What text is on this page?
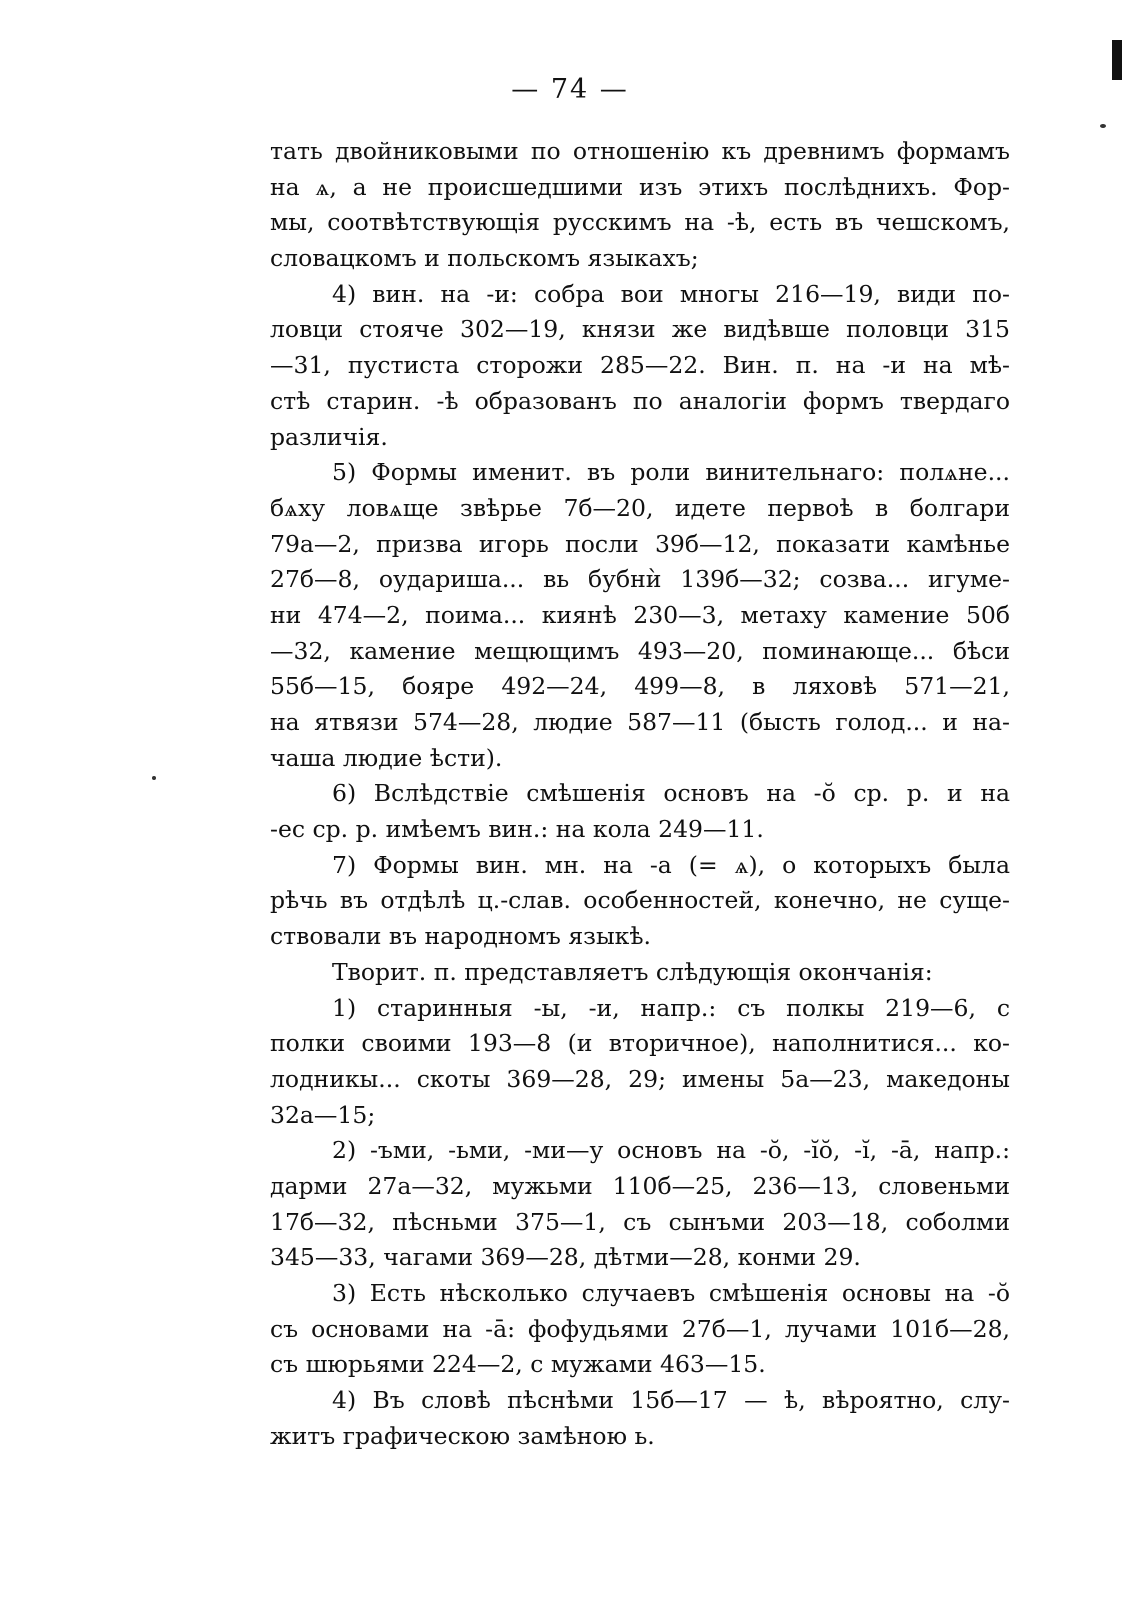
— 74 —
тать двойниковыми по отношенію къ древнимъ формамъ
на ѧ, а не происшедшими изъ этихъ послѣднихъ. Фор-
мы, соотвѣтствующія русскимъ на -ѣ, есть въ чешскомъ,
словацкомъ и польскомъ языкахъ;
4) вин. на -и: собра вои многы 216—19, види по-
ловци стояче 302—19, князи же видѣвше половци 315
—31, пустиста сторожи 285—22. Вин. п. на -и на мѣ-
стѣ старин. -ѣ образованъ по аналогіи формъ твердаго
различія.
5) Формы именит. въ роли винительнаго: полѧне...
бѧху ловѧще звѣрье 7б—20, идете первоѣ в болгари
79а—2, призва игорь посли 39б—12, показати камѣнье
27б—8, оудариша... вь бубнѝ 139б—32; созва... игуме-
ни 474—2, поима... киянѣ 230—3, метаху камение 50б
—32, камение мещющимъ 493—20, поминающе... бѣси
55б—15, бояре 492—24, 499—8, в ляховѣ 571—21,
на ятвязи 574—28, людие 587—11 (бысть голод... и на-
чаша людие ѣсти).
6) Вслѣдствіе смѣшенія основъ на -ŏ ср. р. и на
-ес ср. р. имѣемъ вин.: на кола 249—11.
7) Формы вин. мн. на -а (= ѧ), о которыхъ была
рѣчь въ отдѣлѣ ц.-слав. особенностей, конечно, не суще-
ствовали въ народномъ языкѣ.
Творит. п. представляетъ слѣдующія окончанія:
1) старинныя -ы, -и, напр.: съ полкы 219—6, с
полки своими 193—8 (и вторичное), наполнитися... ко-
лодникы... скоты 369—28, 29; имены 5а—23, македоны
32а—15;
2) -ъми, -ьми, -ми—у основъ на -ŏ, -ĭŏ, -ĭ, -ā, напр.:
дарми 27а—32, мужьми 110б—25, 236—13, словеньми
17б—32, пѣсньми 375—1, съ сынъми 203—18, соболми
345—33, чагами 369—28, дѣтми—28, конми 29.
3) Есть нѣсколько случаевъ смѣшенія основы на -ŏ
съ основами на -ā: фофудьями 27б—1, лучами 101б—28,
съ шюрьями 224—2, с мужами 463—15.
4) Въ словѣ пѣснѣми 15б—17 — ѣ, вѣроятно, слу-
житъ графическою замѣною ь.
